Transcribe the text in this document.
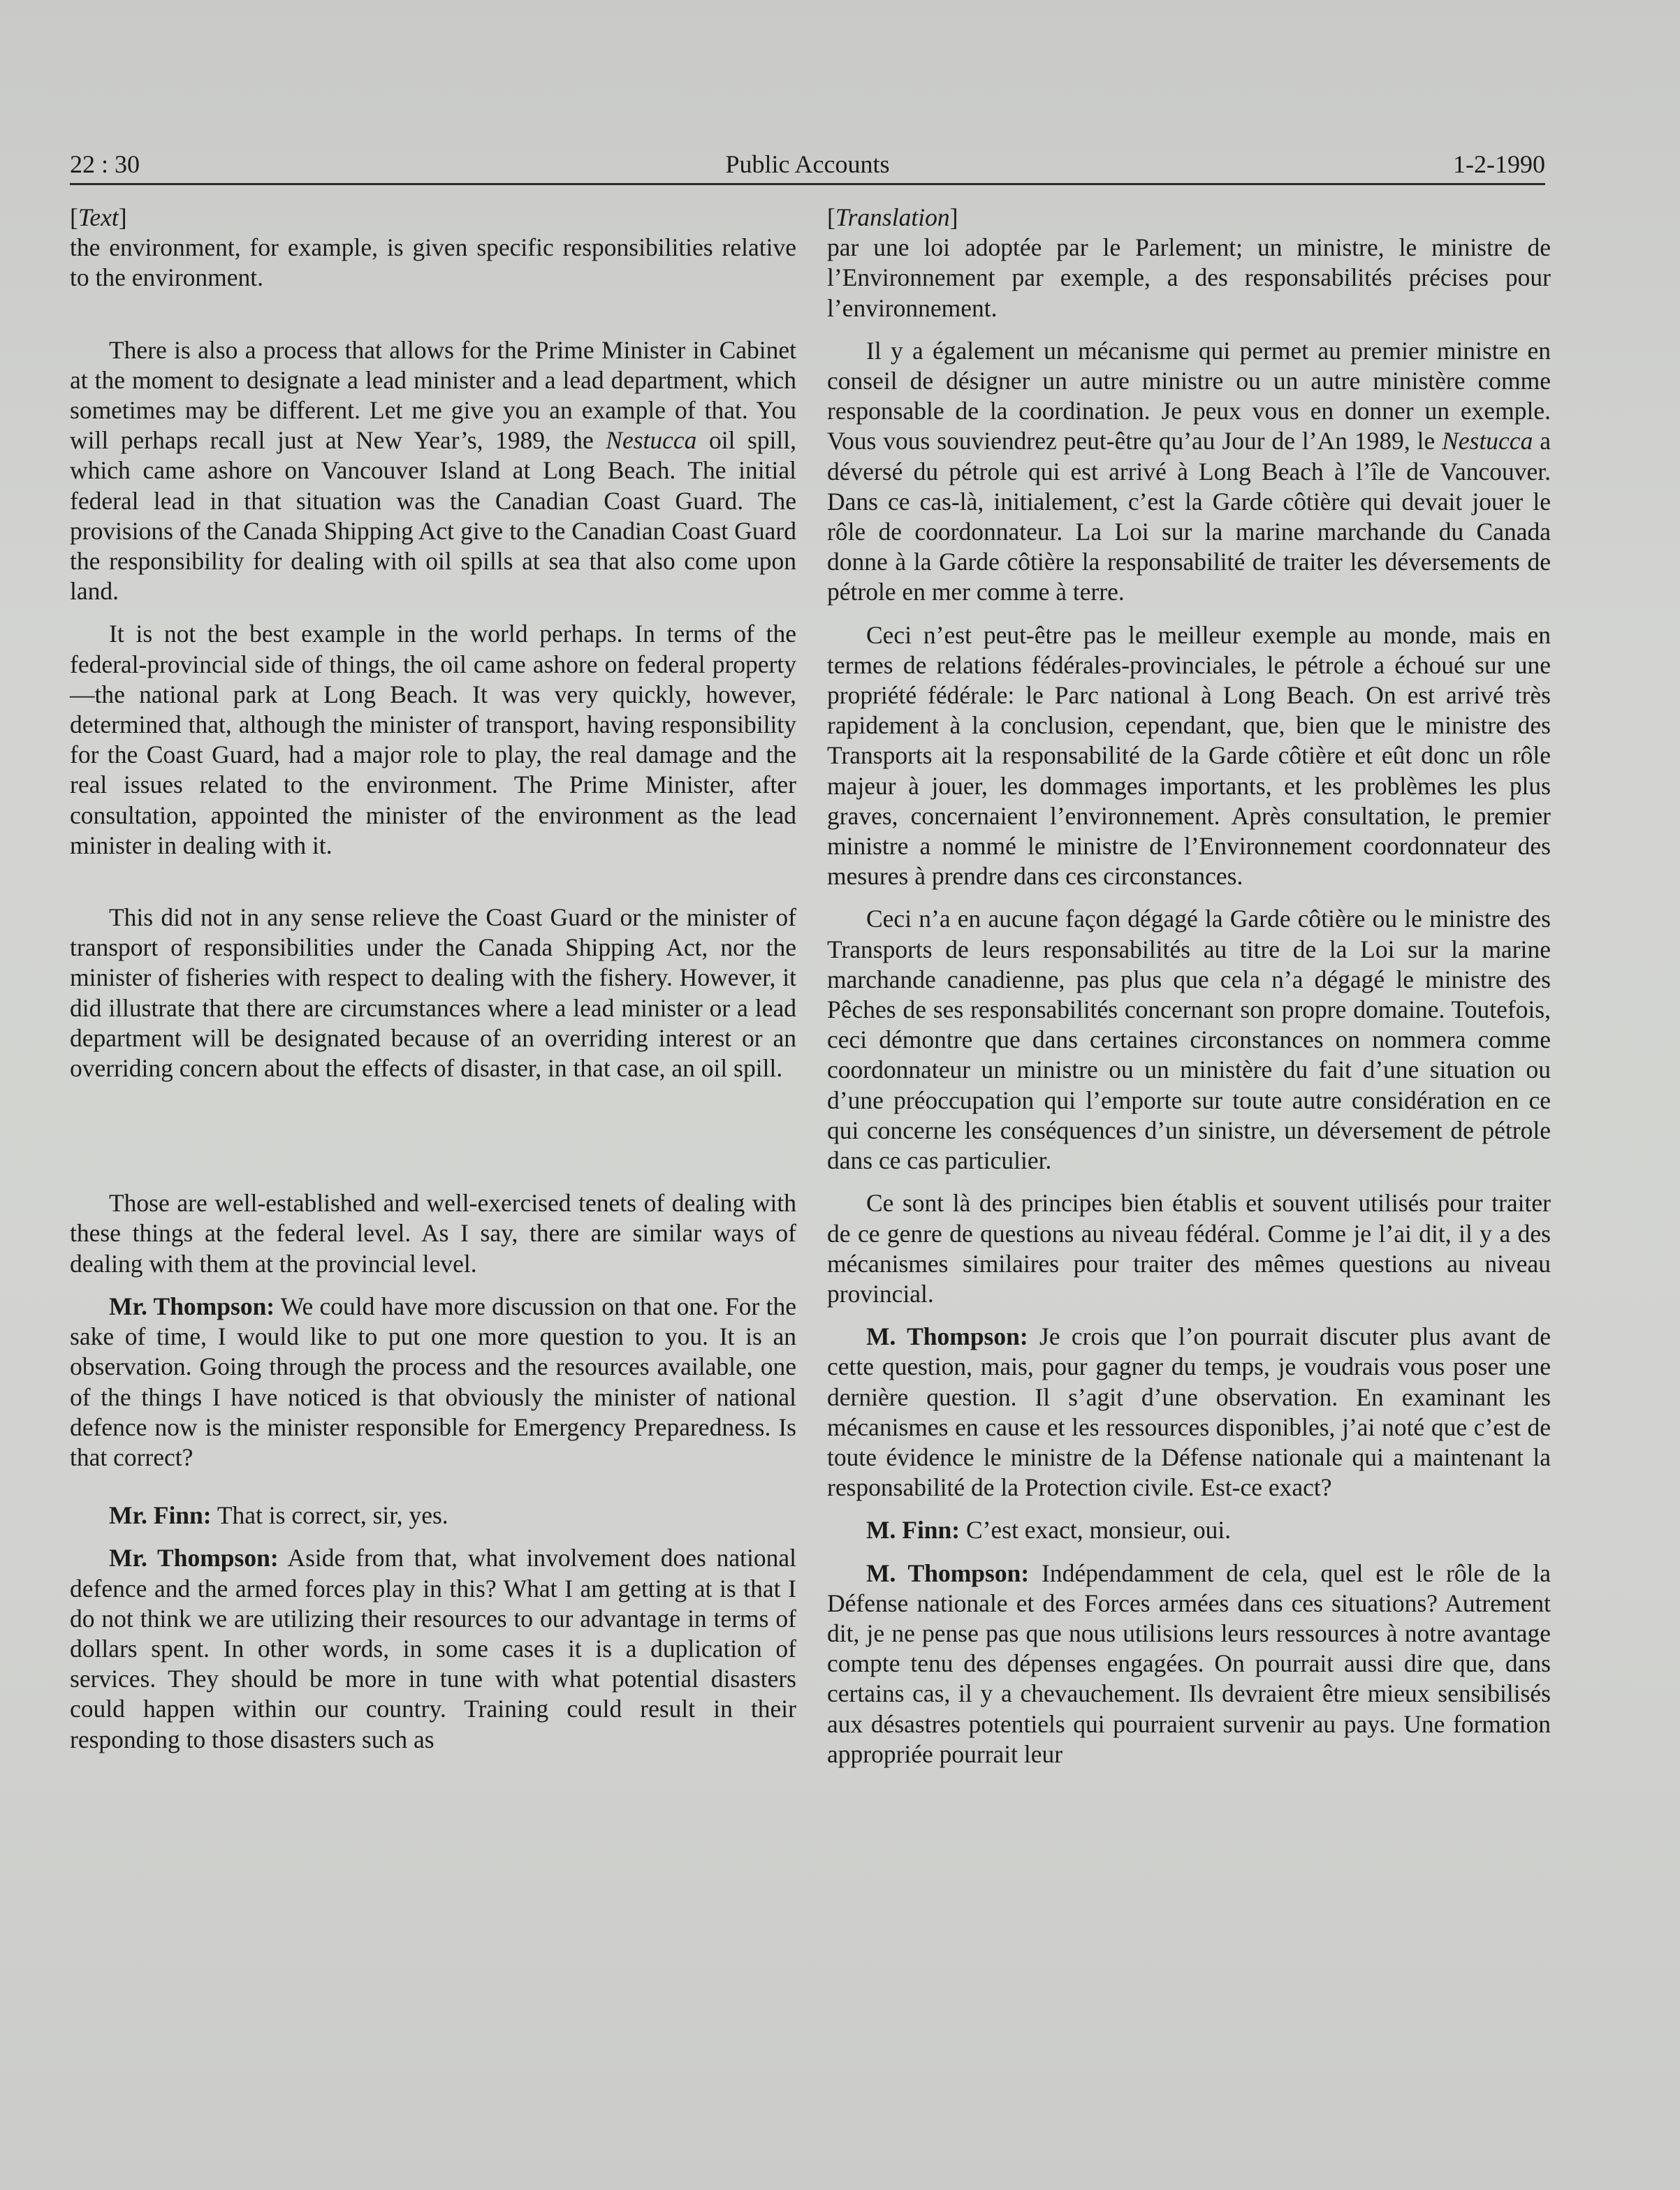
22 : 30	Public Accounts	1-2-1990

[Text]

the environment, for example, is given specific responsibilities relative to the environment.

There is also a process that allows for the Prime Minister in Cabinet at the moment to designate a lead minister and a lead department, which sometimes may be different. Let me give you an example of that. You will perhaps recall just at New Year’s, 1989, the Nestucca oil spill, which came ashore on Vancouver Island at Long Beach. The initial federal lead in that situation was the Canadian Coast Guard. The provisions of the Canada Shipping Act give to the Canadian Coast Guard the responsibility for dealing with oil spills at sea that also come upon land.

It is not the best example in the world perhaps. In terms of the federal-provincial side of things, the oil came ashore on federal property—the national park at Long Beach. It was very quickly, however, determined that, although the minister of transport, having responsibility for the Coast Guard, had a major role to play, the real damage and the real issues related to the environment. The Prime Minister, after consultation, appointed the minister of the environment as the lead minister in dealing with it.

This did not in any sense relieve the Coast Guard or the minister of transport of responsibilities under the Canada Shipping Act, nor the minister of fisheries with respect to dealing with the fishery. However, it did illustrate that there are circumstances where a lead minister or a lead department will be designated because of an overriding interest or an overriding concern about the effects of disaster, in that case, an oil spill.

Those are well-established and well-exercised tenets of dealing with these things at the federal level. As I say, there are similar ways of dealing with them at the provincial level.

Mr. Thompson: We could have more discussion on that one. For the sake of time, I would like to put one more question to you. It is an observation. Going through the process and the resources available, one of the things I have noticed is that obviously the minister of national defence now is the minister responsible for Emergency Preparedness. Is that correct?

Mr. Finn: That is correct, sir, yes.

Mr. Thompson: Aside from that, what involvement does national defence and the armed forces play in this? What I am getting at is that I do not think we are utilizing their resources to our advantage in terms of dollars spent. In other words, in some cases it is a duplication of services. They should be more in tune with what potential disasters could happen within our country. Training could result in their responding to those disasters such as

[Translation]

par une loi adoptée par le Parlement; un ministre, le ministre de l’Environnement par exemple, a des responsabilités précises pour l’environnement.

Il y a également un mécanisme qui permet au premier ministre en conseil de désigner un autre ministre ou un autre ministère comme responsable de la coordination. Je peux vous en donner un exemple. Vous vous souviendrez peut-être qu’au Jour de l’An 1989, le Nestucca a déversé du pétrole qui est arrivé à Long Beach à l’île de Vancouver. Dans ce cas-là, initialement, c’est la Garde côtière qui devait jouer le rôle de coordonnateur. La Loi sur la marine marchande du Canada donne à la Garde côtière la responsabilité de traiter les déversements de pétrole en mer comme à terre.

Ceci n’est peut-être pas le meilleur exemple au monde, mais en termes de relations fédérales-provinciales, le pétrole a échoué sur une propriété fédérale: le Parc national à Long Beach. On est arrivé très rapidement à la conclusion, cependant, que, bien que le ministre des Transports ait la responsabilité de la Garde côtière et eût donc un rôle majeur à jouer, les dommages importants, et les problèmes les plus graves, concernaient l’environnement. Après consultation, le premier ministre a nommé le ministre de l’Environnement coordonnateur des mesures à prendre dans ces circonstances.

Ceci n’a en aucune façon dégagé la Garde côtière ou le ministre des Transports de leurs responsabilités au titre de la Loi sur la marine marchande canadienne, pas plus que cela n’a dégagé le ministre des Pêches de ses responsabilités concernant son propre domaine. Toutefois, ceci démontre que dans certaines circonstances on nommera comme coordonnateur un ministre ou un ministère du fait d’une situation ou d’une préoccupation qui l’emporte sur toute autre considération en ce qui concerne les conséquences d’un sinistre, un déversement de pétrole dans ce cas particulier.

Ce sont là des principes bien établis et souvent utilisés pour traiter de ce genre de questions au niveau fédéral. Comme je l’ai dit, il y a des mécanismes similaires pour traiter des mêmes questions au niveau provincial.

M. Thompson: Je crois que l’on pourrait discuter plus avant de cette question, mais, pour gagner du temps, je voudrais vous poser une dernière question. Il s’agit d’une observation. En examinant les mécanismes en cause et les ressources disponibles, j’ai noté que c’est de toute évidence le ministre de la Défense nationale qui a maintenant la responsabilité de la Protection civile. Est-ce exact?

M. Finn: C’est exact, monsieur, oui.

M. Thompson: Indépendamment de cela, quel est le rôle de la Défense nationale et des Forces armées dans ces situations? Autrement dit, je ne pense pas que nous utilisions leurs ressources à notre avantage compte tenu des dépenses engagées. On pourrait aussi dire que, dans certains cas, il y a chevauchement. Ils devraient être mieux sensibilisés aux désastres potentiels qui pourraient survenir au pays. Une formation appropriée pourrait leur
